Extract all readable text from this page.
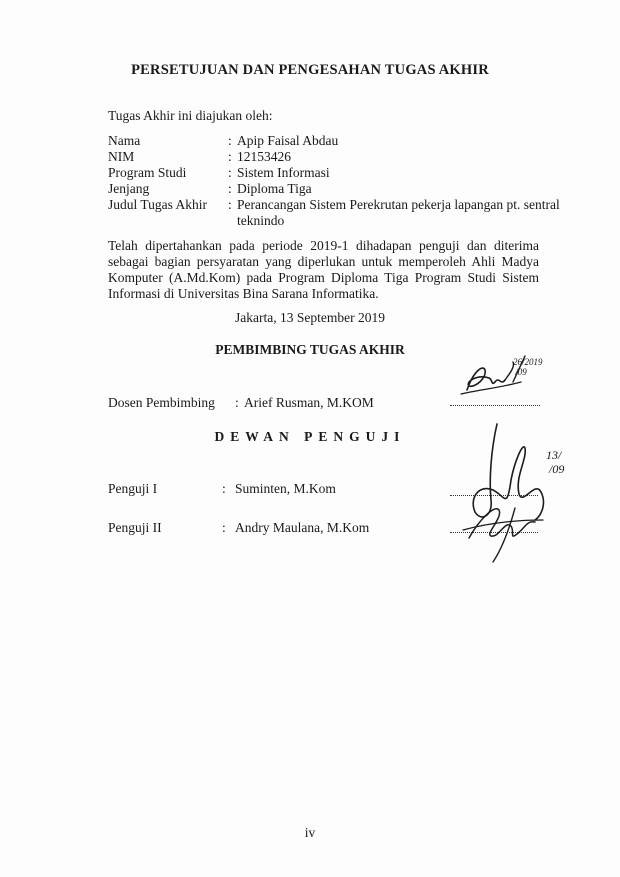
PERSETUJUAN DAN PENGESAHAN TUGAS AKHIR
Tugas Akhir ini diajukan oleh:
Nama	: Apip Faisal Abdau
NIM	: 12153426
Program Studi	: Sistem Informasi
Jenjang	: Diploma Tiga
Judul Tugas Akhir : Perancangan Sistem Perekrutan pekerja lapangan pt. sentral
teknindo
Telah dipertahankan pada periode 2019-1 dihadapan penguji dan diterima sebagai bagian persyaratan yang diperlukan untuk memperoleh Ahli Madya Komputer (A.Md.Kom) pada Program Diploma Tiga Program Studi Sistem Informasi di Universitas Bina Sarana Informatika.
Jakarta, 13 September 2019
PEMBIMBING TUGAS AKHIR
Dosen Pembimbing : Arief Rusman, M.KOM
DEWAN PENGUJI
Penguji I	: Suminten, M.Kom
Penguji II	: Andry Maulana, M.Kom
26/2019
/09
13/
/09
iv
